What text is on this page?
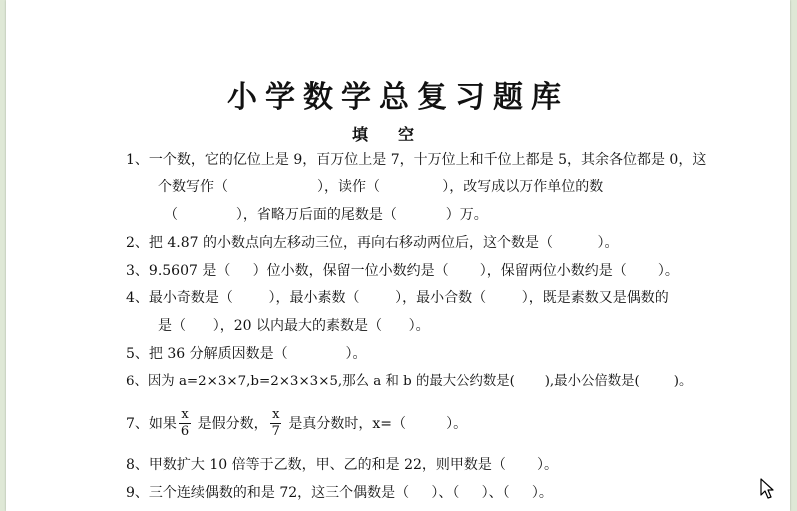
小学数学总复习题库
填空
1、一个数，它的亿位上是 9，百万位上是 7，十万位上和千位上都是 5，其余各位都是 0，这
个数写作（                    ），读作（              ），改写成以万作单位的数
（             ），省略万后面的尾数是（           ）万。
2、把 4.87 的小数点向左移动三位，再向右移动两位后，这个数是（          ）。
3、9.5607 是（     ）位小数，保留一位小数约是（       ），保留两位小数约是（       ）。
4、最小奇数是（        ），最小素数（        ），最小合数（        ），既是素数又是偶数的
是（      ），20 以内最大的素数是（      ）。
5、把 36 分解质因数是（             ）。
6、因为 a=2×3×7,b=2×3×3×5,那么 a 和 b 的最大公约数是(       ),最小公倍数是(        )。
7、如果 $\frac{x}{6}$ 是假分数， $\frac{x}{7}$ 是真分数时，x=（         ）。
8、甲数扩大 10 倍等于乙数，甲、乙的和是 22，则甲数是（       ）。
9、三个连续偶数的和是 72，这三个偶数是（     ）、（     ）、（     ）。
